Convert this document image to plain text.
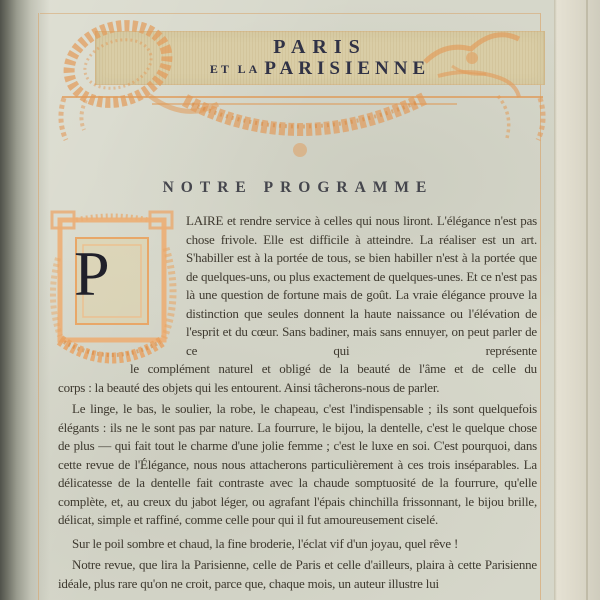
PARIS
ET LA PARISIENNE
NOTRE PROGRAMME
P
LAIRE et rendre service à celles qui nous liront. L'élégance n'est pas chose frivole. Elle est difficile à atteindre. La réaliser est un art. S'habiller est à la portée de tous, se bien habiller n'est à la portée que de quelques-uns, ou plus exactement de quelques-unes. Et ce n'est pas là une question de fortune mais de goût. La vraie élégance prouve la distinction que seules donnent la haute naissance ou l'élévation de l'esprit et du cœur. Sans badiner, mais sans ennuyer, on peut parler de ce qui représente
le complément naturel et obligé de la beauté de l'âme et de celle du
corps : la beauté des objets qui les entourent. Ainsi tâcherons-nous de parler.
Le linge, le bas, le soulier, la robe, le chapeau, c'est l'indispensable ; ils sont quelquefois élégants : ils ne le sont pas par nature. La fourrure, le bijou, la dentelle, c'est le quelque chose de plus — qui fait tout le charme d'une jolie femme ; c'est le luxe en soi. C'est pourquoi, dans cette revue de l'Élégance, nous nous attacherons particulièrement à ces trois inséparables. La délicatesse de la dentelle fait contraste avec la chaude somptuosité de la fourrure, qu'elle complète, et, au creux du jabot léger, ou agrafant l'épais chinchilla frissonnant, le bijou brille, délicat, simple et raffiné, comme celle pour qui il fut amoureusement ciselé.
Sur le poil sombre et chaud, la fine broderie, l'éclat vif d'un joyau, quel rêve !
Notre revue, que lira la Parisienne, celle de Paris et celle d'ailleurs, plaira à cette Parisienne idéale, plus rare qu'on ne croit, parce que, chaque mois, un auteur illustre lui
